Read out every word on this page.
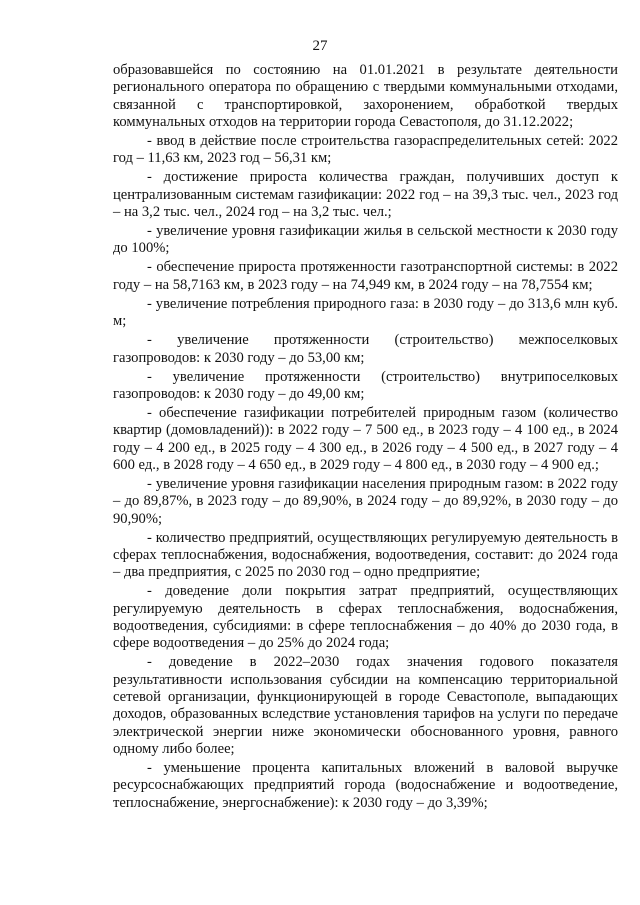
27

образовавшейся по состоянию на 01.01.2021 в результате деятельности регионального оператора по обращению с твердыми коммунальными отходами, связанной с транспортировкой, захоронением, обработкой твердых коммунальных отходов на территории города Севастополя, до 31.12.2022;

- ввод в действие после строительства газораспределительных сетей: 2022 год – 11,63 км, 2023 год – 56,31 км;

- достижение прироста количества граждан, получивших доступ к централизованным системам газификации: 2022 год – на 39,3 тыс. чел., 2023 год – на 3,2 тыс. чел., 2024 год – на 3,2 тыс. чел.;

- увеличение уровня газификации жилья в сельской местности к 2030 году до 100%;

- обеспечение прироста протяженности газотранспортной системы: в 2022 году – на 58,7163 км, в 2023 году – на 74,949 км, в 2024 году – на 78,7554 км;

- увеличение потребления природного газа: в 2030 году – до 313,6 млн куб. м;

- увеличение протяженности (строительство) межпоселковых газопроводов: к 2030 году – до 53,00 км;

- увеличение протяженности (строительство) внутрипоселковых газопроводов: к 2030 году – до 49,00 км;

- обеспечение газификации потребителей природным газом (количество квартир (домовладений)): в 2022 году – 7 500 ед., в 2023 году – 4 100 ед., в 2024 году – 4 200 ед., в 2025 году – 4 300 ед., в 2026 году – 4 500 ед., в 2027 году – 4 600 ед., в 2028 году – 4 650 ед., в 2029 году – 4 800 ед., в 2030 году – 4 900 ед.;

- увеличение уровня газификации населения природным газом: в 2022 году – до 89,87%, в 2023 году – до 89,90%, в 2024 году – до 89,92%, в 2030 году – до 90,90%;

- количество предприятий, осуществляющих регулируемую деятельность в сферах теплоснабжения, водоснабжения, водоотведения, составит: до 2024 года – два предприятия, с 2025 по 2030 год – одно предприятие;

- доведение доли покрытия затрат предприятий, осуществляющих регулируемую деятельность в сферах теплоснабжения, водоснабжения, водоотведения, субсидиями: в сфере теплоснабжения – до 40% до 2030 года, в сфере водоотведения – до 25% до 2024 года;

- доведение в 2022–2030 годах значения годового показателя результативности использования субсидии на компенсацию территориальной сетевой организации, функционирующей в городе Севастополе, выпадающих доходов, образованных вследствие установления тарифов на услуги по передаче электрической энергии ниже экономически обоснованного уровня, равного одному либо более;

- уменьшение процента капитальных вложений в валовой выручке ресурсоснабжающих предприятий города (водоснабжение и водоотведение, теплоснабжение, энергоснабжение): к 2030 году – до 3,39%;
